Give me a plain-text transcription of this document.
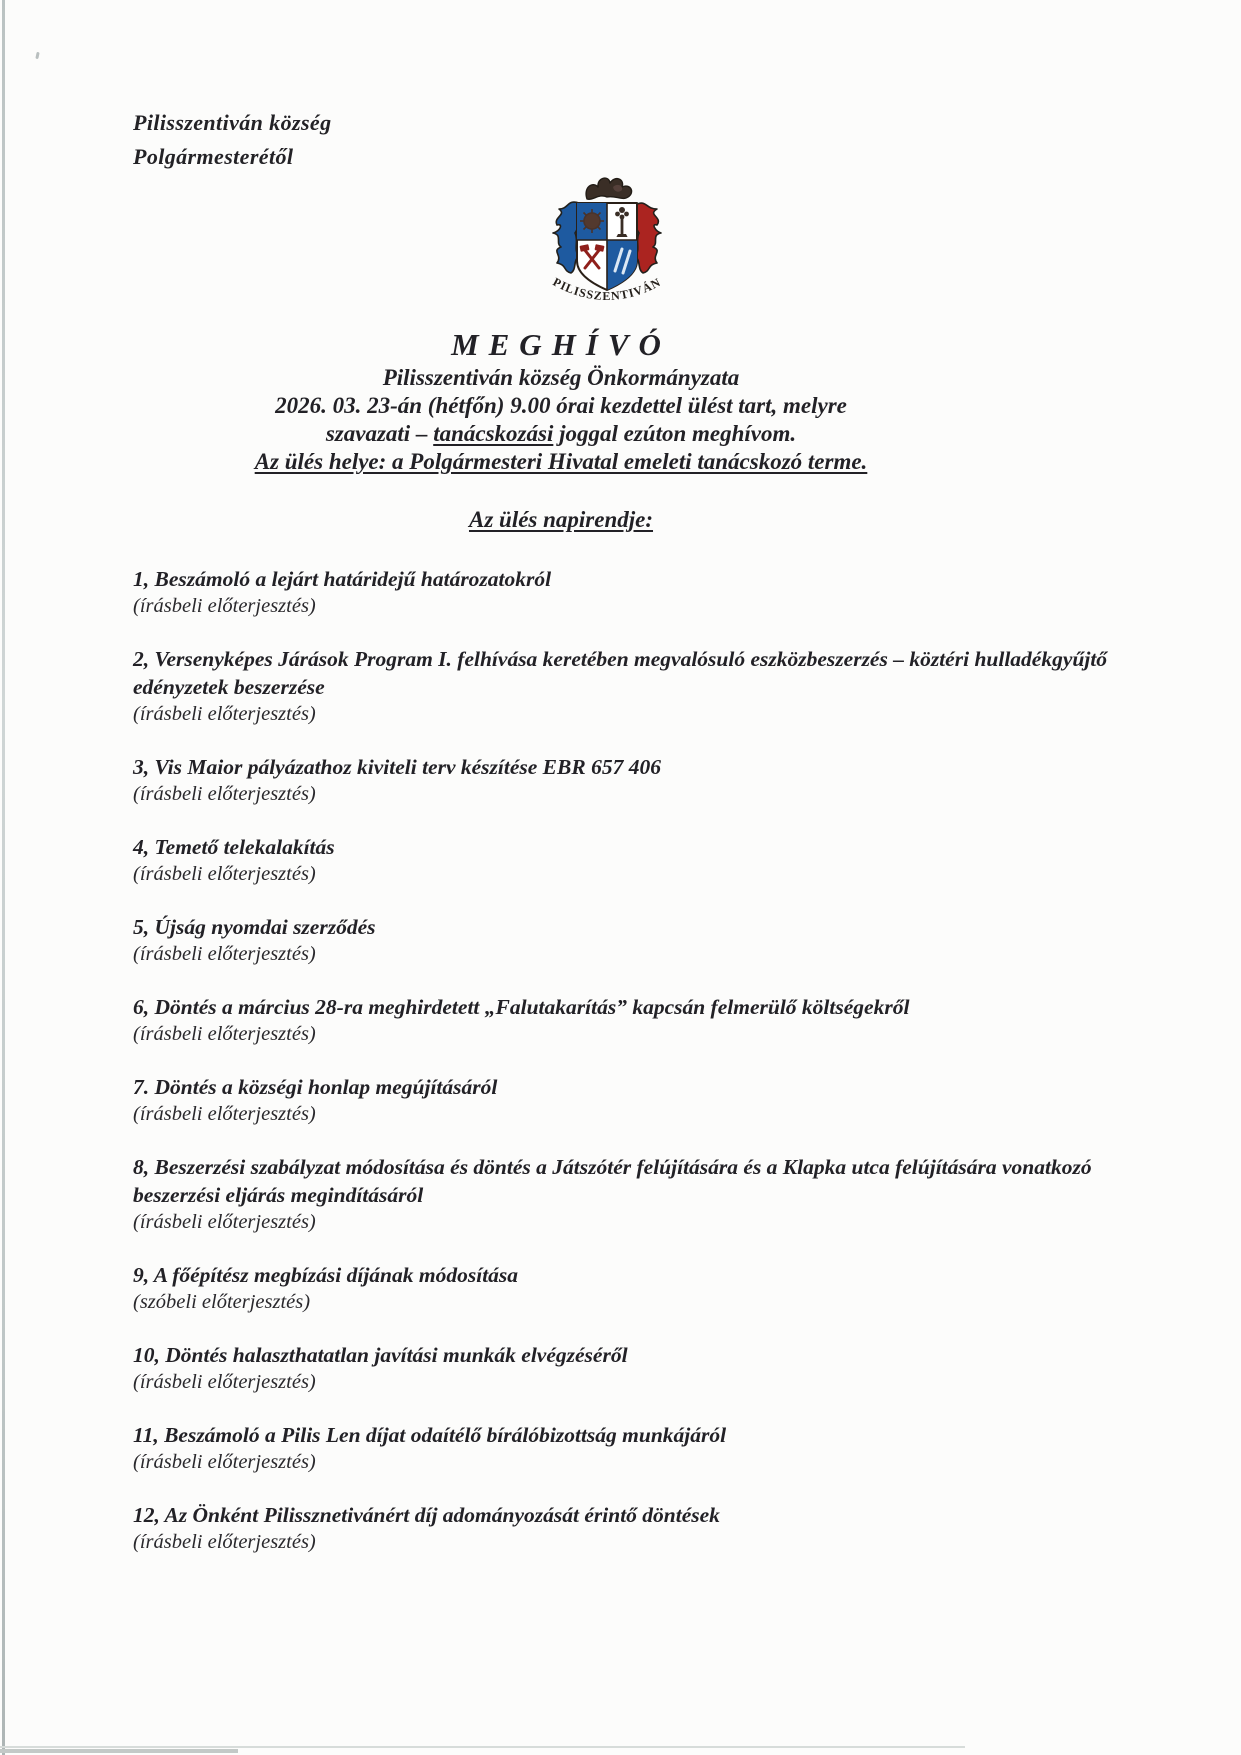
Pilisszentiván község
Polgármesterétől
PILISSZENTIVÁN
MEGHÍVÓ
Pilisszentiván község Önkormányzata
2026. 03. 23-án (hétfőn) 9.00 órai kezdettel ülést tart, melyre
szavazati – tanácskozási joggal ezúton meghívom.
Az ülés helye: a Polgármesteri Hivatal emeleti tanácskozó terme.
Az ülés napirendje:
1, Beszámoló a lejárt határidejű határozatokról
(írásbeli előterjesztés)
2, Versenyképes Járások Program I. felhívása keretében megvalósuló eszközbeszerzés – köztéri hulladékgyűjtő edényzetek beszerzése
(írásbeli előterjesztés)
3, Vis Maior pályázathoz kiviteli terv készítése EBR 657 406
(írásbeli előterjesztés)
4, Temető telekalakítás
(írásbeli előterjesztés)
5, Újság nyomdai szerződés
(írásbeli előterjesztés)
6, Döntés a március 28-ra meghirdetett „Falutakarítás” kapcsán felmerülő költségekről
(írásbeli előterjesztés)
7. Döntés a községi honlap megújításáról
(írásbeli előterjesztés)
8, Beszerzési szabályzat módosítása és döntés a Játszótér felújítására és a Klapka utca felújítására vonatkozó beszerzési eljárás megindításáról
(írásbeli előterjesztés)
9, A főépítész megbízási díjának módosítása
(szóbeli előterjesztés)
10, Döntés halaszthatatlan javítási munkák elvégzéséről
(írásbeli előterjesztés)
11, Beszámoló a Pilis Len díjat odaítélő bírálóbizottság munkájáról
(írásbeli előterjesztés)
12, Az Önként Pilissznetivánért díj adományozását érintő döntések
(írásbeli előterjesztés)
